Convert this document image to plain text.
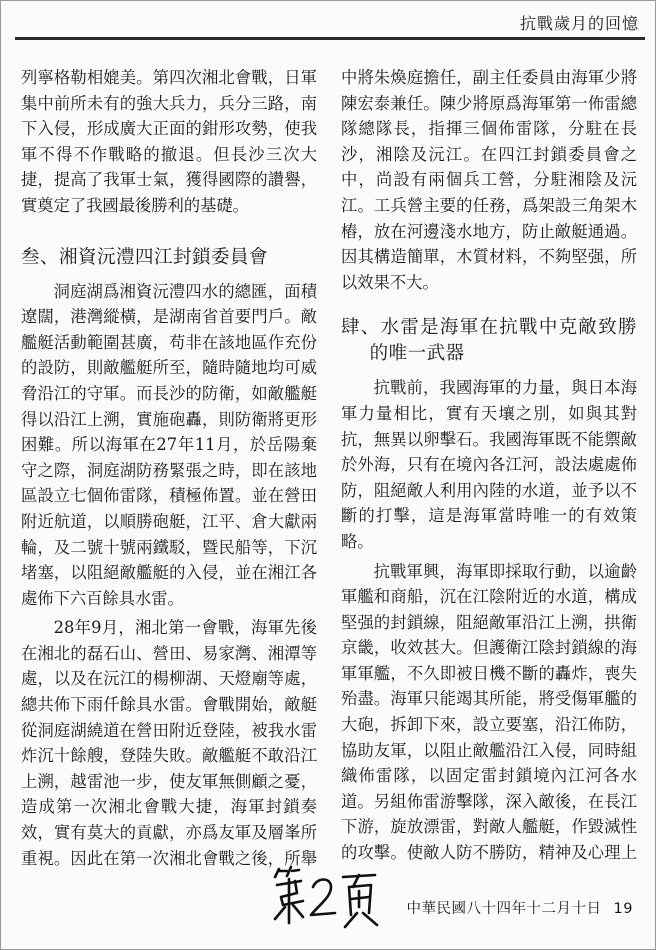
抗戰歲月的回憶

列寧格勒相媲美。第四次湘北會戰，日軍集中前所未有的強大兵力，兵分三路，南下入侵，形成廣大正面的鉗形攻勢，使我軍不得不作戰略的撤退。但長沙三次大捷，提高了我軍士氣，獲得國際的讚譽，實奠定了我國最後勝利的基礎。

叁、湘資沅澧四江封鎖委員會

洞庭湖爲湘資沅澧四水的總匯，面積遼闊，港灣縱橫，是湖南省首要門戶。敵艦艇活動範圍甚廣，苟非在該地區作充份的設防，則敵艦艇所至，隨時隨地均可威脅沿江的守軍。而長沙的防衛，如敵艦艇得以沿江上溯，實施砲轟，則防衛將更形困難。所以海軍在27年11月，於岳陽棄守之際，洞庭湖防務緊張之時，即在該地區設立七個佈雷隊，積極佈置。並在營田附近航道，以順勝砲艇，江平、倉大獻兩輪，及二號十號兩鐵駁，暨民船等，下沉堵塞，以阻絕敵艦艇的入侵，並在湘江各處佈下六百餘具水雷。

28年9月，湘北第一會戰，海軍先後在湘北的磊石山、營田、易家灣、湘潭等處，以及在沅江的楊柳湖、天燈廟等處，總共佈下雨仟餘具水雷。會戰開始，敵艇從洞庭湖繞道在營田附近登陸，被我水雷炸沉十餘艘，登陸失敗。敵艦艇不敢沿江上溯，越雷池一步，使友軍無側顧之憂，造成第一次湘北會戰大捷，海軍封鎖奏效，實有莫大的貢獻，亦爲友軍及層峯所重視。因此在第一次湘北會戰之後，所舉

中將朱煥庭擔任，副主任委員由海軍少將陳宏泰兼任。陳少將原爲海軍第一佈雷總隊總隊長，指揮三個佈雷隊，分駐在長沙，湘陰及沅江。在四江封鎖委員會之中，尚設有兩個兵工營，分駐湘陰及沅江。工兵營主要的任務，爲架設三角架木樁，放在河邊淺水地方，防止敵艇通過。因其構造簡單，木質材料，不夠堅强，所以效果不大。

肆、水雷是海軍在抗戰中克敵致勝的唯一武器

抗戰前，我國海軍的力量，與日本海軍力量相比，實有天壤之別，如與其對抗，無異以卵擊石。我國海軍既不能禦敵於外海，只有在境內各江河，設法處處佈防，阻絕敵人利用內陸的水道，並予以不斷的打擊，這是海軍當時唯一的有效策略。

抗戰軍興，海軍即採取行動，以逾齡軍艦和商船，沉在江陰附近的水道，構成堅强的封鎖線，阻絕敵軍沿江上溯，拱衛京畿，收效甚大。但護衛江陰封鎖線的海軍軍艦，不久即被日機不斷的轟炸，喪失殆盡。海軍只能竭其所能，將受傷軍艦的大砲，拆卸下來，設立要塞，沿江佈防，協助友軍，以阻止敵艦沿江入侵，同時組織佈雷隊，以固定雷封鎖境內江河各水道。另組佈雷游擊隊，深入敵後，在長江下游，旋放漂雷，對敵人艦艇，作毀滅性的攻擊。使敵人防不勝防，精神及心理上

中華民國八十四年十二月十日 19
